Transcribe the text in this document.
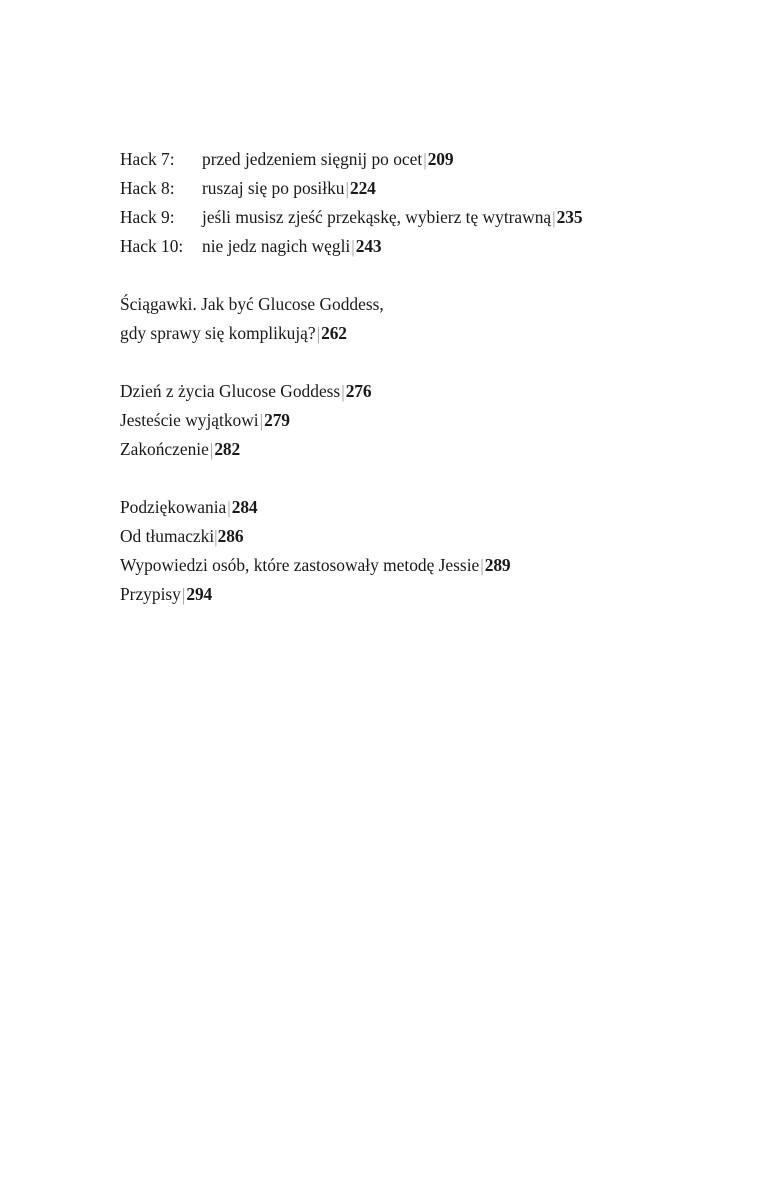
Hack 7:	przed jedzeniem sięgnij po ocet|209
Hack 8:	ruszaj się po posiłku|224
Hack 9:	jeśli musisz zjeść przekąskę, wybierz tę wytrawną|235
Hack 10:	nie jedz nagich węgli|243
Ściągawki. Jak być Glucose Goddess,
gdy sprawy się komplikują?|262
Dzień z życia Glucose Goddess|276
Jesteście wyjątkowi|279
Zakończenie|282
Podziękowania|284
Od tłumaczki|286
Wypowiedzi osób, które zastosowały metodę Jessie|289
Przypisy|294
